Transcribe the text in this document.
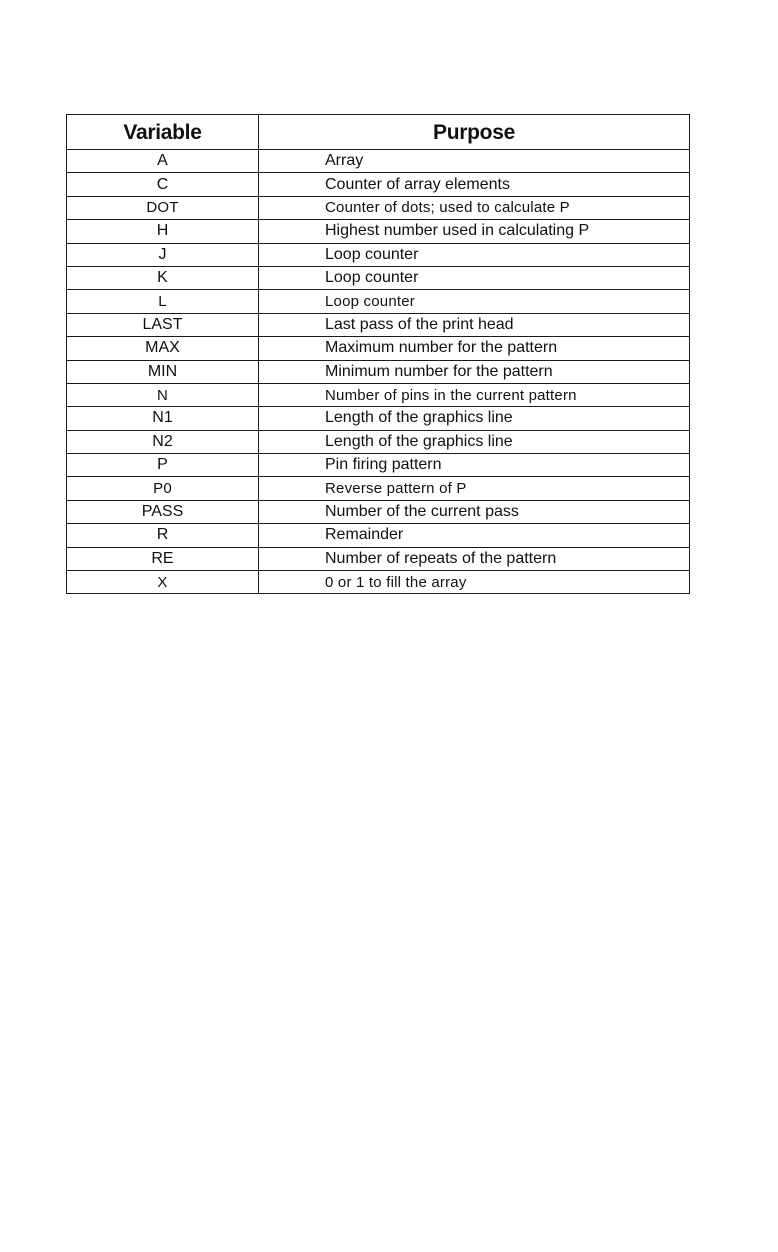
Variable	Purpose
A	Array
C	Counter of array elements
DOT	Counter of dots; used to calculate P
H	Highest number used in calculating P
J	Loop counter
K	Loop counter
L	Loop counter
LAST	Last pass of the print head
MAX	Maximum number for the pattern
MIN	Minimum number for the pattern
N	Number of pins in the current pattern
N1	Length of the graphics line
N2	Length of the graphics line
P	Pin firing pattern
P0	Reverse pattern of P
PASS	Number of the current pass
R	Remainder
RE	Number of repeats of the pattern
X	0 or 1 to fill the array
